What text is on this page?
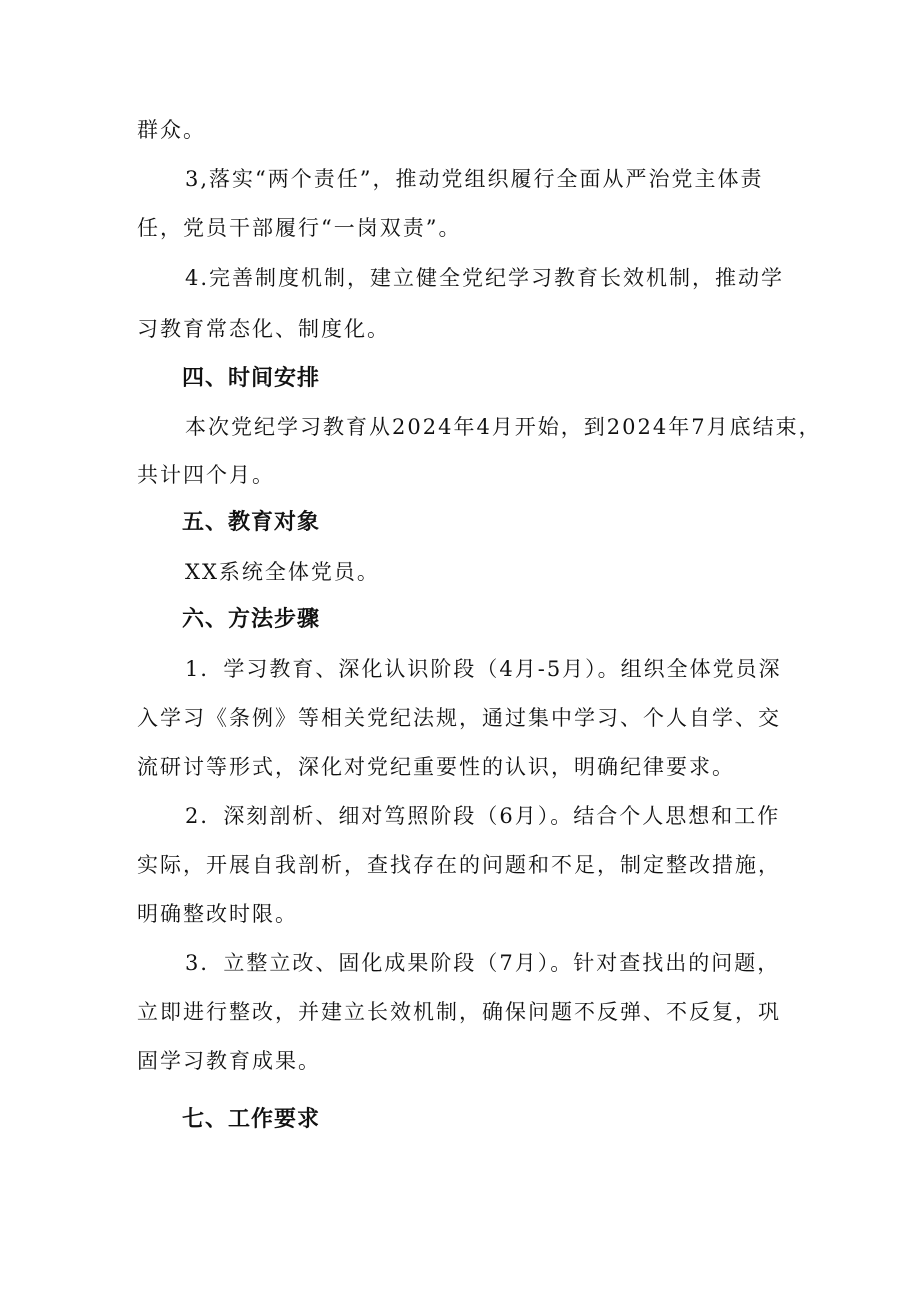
群众。
3,落实“两个责任”，推动党组织履行全面从严治党主体责
任，党员干部履行“一岗双责”。
4.完善制度机制，建立健全党纪学习教育长效机制，推动学
习教育常态化、制度化。
四、时间安排
本次党纪学习教育从2024年4月开始，到2024年7月底结束，
共计四个月。
五、教育对象
XX系统全体党员。
六、方法步骤
1．学习教育、深化认识阶段（4月-5月）。组织全体党员深
入学习《条例》等相关党纪法规，通过集中学习、个人自学、交
流研讨等形式，深化对党纪重要性的认识，明确纪律要求。
2．深刻剖析、细对笃照阶段（6月）。结合个人思想和工作
实际，开展自我剖析，查找存在的问题和不足，制定整改措施，
明确整改时限。
3．立整立改、固化成果阶段（7月）。针对查找出的问题，
立即进行整改，并建立长效机制，确保问题不反弹、不反复，巩
固学习教育成果。
七、工作要求
